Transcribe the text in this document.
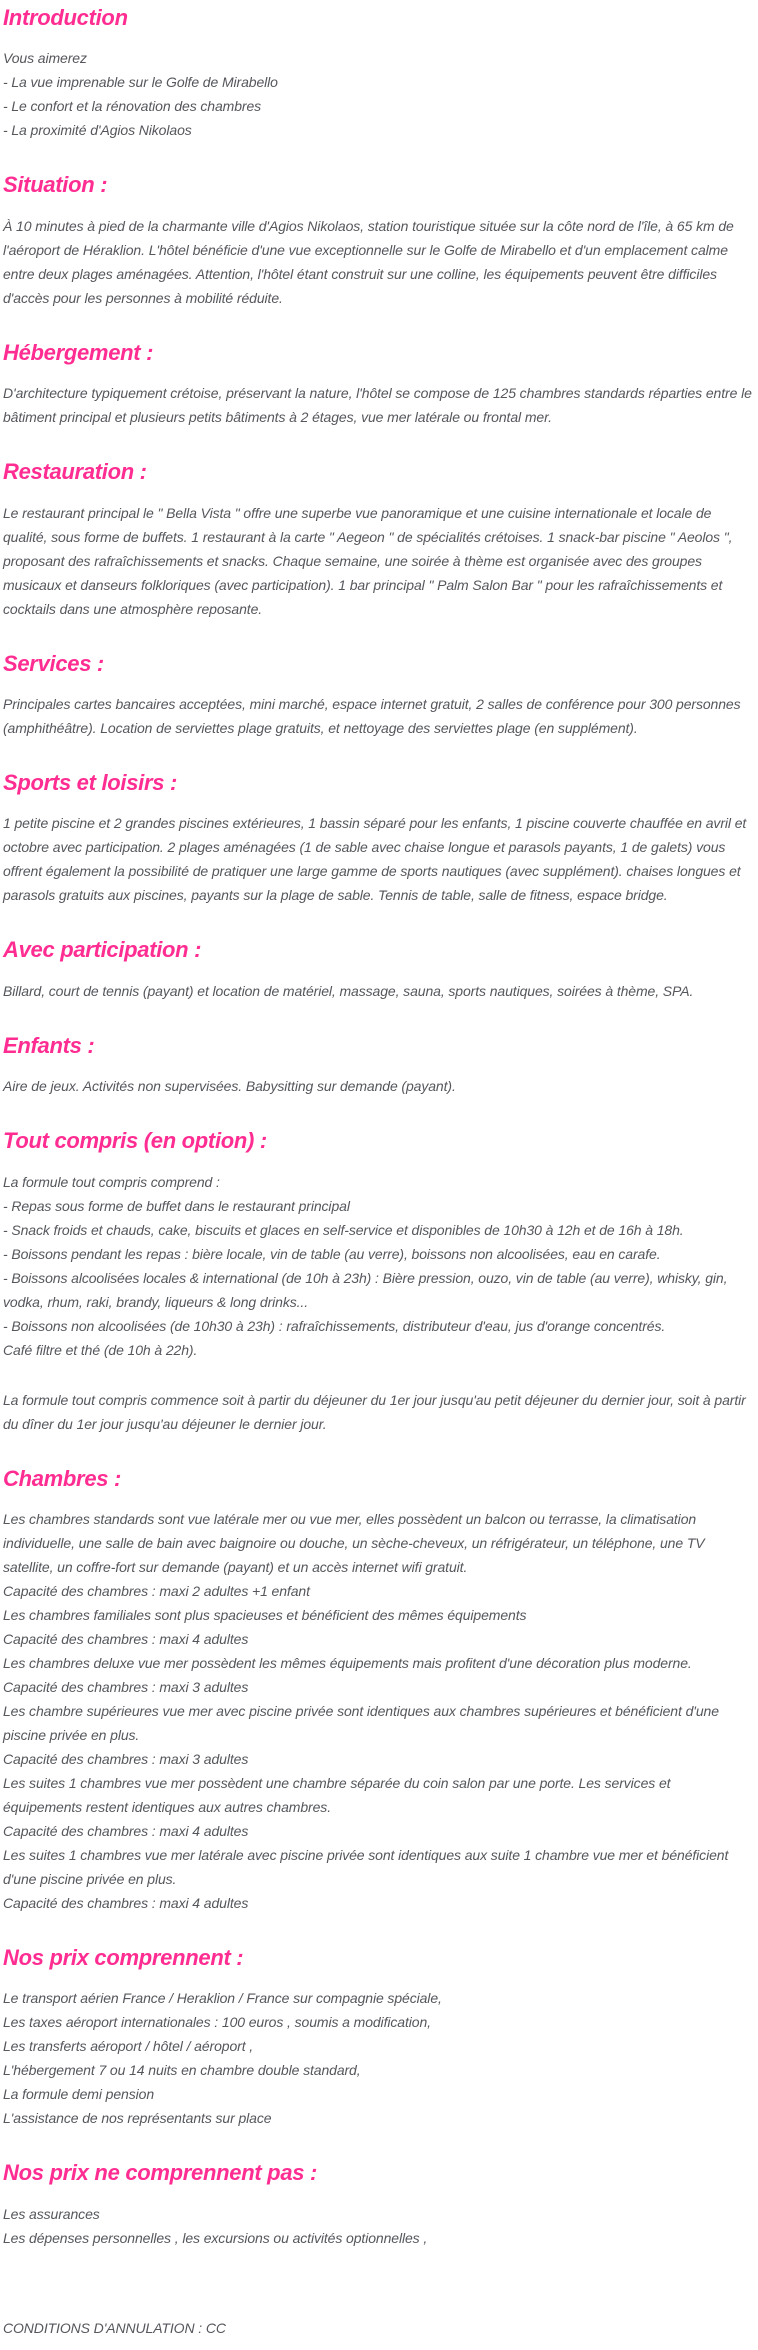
Introduction

Vous aimerez

- La vue imprenable sur le Golfe de Mirabello

- Le confort et la rénovation des chambres

- La proximité d'Agios Nikolaos

Situation :

À 10 minutes à pied de la charmante ville d'Agios Nikolaos, station touristique située sur la côte nord de l'île, à 65 km de l'aéroport de Héraklion. L'hôtel bénéficie d'une vue exceptionnelle sur le Golfe de Mirabello et d'un emplacement calme entre deux plages aménagées. Attention, l'hôtel étant construit sur une colline, les équipements peuvent être difficiles d'accès pour les personnes à mobilité réduite.

Hébergement :

D'architecture typiquement crétoise, préservant la nature, l'hôtel se compose de 125 chambres standards réparties entre le bâtiment principal et plusieurs petits bâtiments à 2 étages, vue mer latérale ou frontal mer.

Restauration :

Le restaurant principal le " Bella Vista " offre une superbe vue panoramique et une cuisine internationale et locale de qualité, sous forme de buffets. 1 restaurant à la carte " Aegeon " de spécialités crétoises. 1 snack-bar piscine " Aeolos ", proposant des rafraîchissements et snacks. Chaque semaine, une soirée à thème est organisée avec des groupes musicaux et danseurs folkloriques (avec participation). 1 bar principal " Palm Salon Bar " pour les rafraîchissements et cocktails dans une atmosphère reposante.

Services :

Principales cartes bancaires acceptées, mini marché, espace internet gratuit, 2 salles de conférence pour 300 personnes (amphithéâtre). Location de serviettes plage gratuits, et nettoyage des serviettes plage (en supplément).

Sports et loisirs :

1 petite piscine et 2 grandes piscines extérieures, 1 bassin séparé pour les enfants, 1 piscine couverte chauffée en avril et octobre avec participation. 2 plages aménagées (1 de sable avec chaise longue et parasols payants, 1 de galets) vous offrent également la possibilité de pratiquer une large gamme de sports nautiques (avec supplément). chaises longues et parasols gratuits aux piscines, payants sur la plage de sable. Tennis de table, salle de fitness, espace bridge.

Avec participation :

Billard, court de tennis (payant) et location de matériel, massage, sauna, sports nautiques, soirées à thème, SPA.

Enfants :

Aire de jeux. Activités non supervisées. Babysitting sur demande (payant).

Tout compris (en option) :

La formule tout compris comprend :

- Repas sous forme de buffet dans le restaurant principal

- Snack froids et chauds, cake, biscuits et glaces en self-service et disponibles de 10h30 à 12h et de 16h à 18h.

- Boissons pendant les repas : bière locale, vin de table (au verre), boissons non alcoolisées, eau en carafe.

- Boissons alcoolisées locales & international (de 10h à 23h) : Bière pression, ouzo, vin de table (au verre), whisky, gin, vodka, rhum, raki, brandy, liqueurs & long drinks...

- Boissons non alcoolisées (de 10h30 à 23h) : rafraîchissements, distributeur d'eau, jus d'orange concentrés.

Café filtre et thé (de 10h à 22h).

La formule tout compris commence soit à partir du déjeuner du 1er jour jusqu'au petit déjeuner du dernier jour, soit à partir du dîner du 1er jour jusqu'au déjeuner le dernier jour.

Chambres :

Les chambres standards sont vue latérale mer ou vue mer, elles possèdent un balcon ou terrasse, la climatisation individuelle, une salle de bain avec baignoire ou douche, un sèche-cheveux, un réfrigérateur, un téléphone, une TV satellite, un coffre-fort sur demande (payant) et un accès internet wifi gratuit.

Capacité des chambres : maxi 2 adultes +1 enfant

Les chambres familiales sont plus spacieuses et bénéficient des mêmes équipements

Capacité des chambres : maxi 4 adultes

Les chambres deluxe vue mer possèdent les mêmes équipements mais profitent d'une décoration plus moderne.

Capacité des chambres : maxi 3 adultes

Les chambre supérieures vue mer avec piscine privée sont identiques aux chambres supérieures et bénéficient d'une piscine privée en plus.

Capacité des chambres : maxi 3 adultes

Les suites 1 chambres vue mer possèdent une chambre séparée du coin salon par une porte. Les services et équipements restent identiques aux autres chambres.

Capacité des chambres : maxi 4 adultes

Les suites 1 chambres vue mer latérale avec piscine privée sont identiques aux suite 1 chambre vue mer et bénéficient d'une piscine privée en plus.

Capacité des chambres : maxi 4 adultes

Nos prix comprennent :

Le transport aérien France / Heraklion / France sur compagnie spéciale,

Les taxes aéroport internationales : 100 euros , soumis a modification,

Les transferts aéroport / hôtel / aéroport ,

L'hébergement 7 ou 14 nuits en chambre double standard,

La formule demi pension

L'assistance de nos représentants sur place

Nos prix ne comprennent pas :

Les assurances

Les dépenses personnelles , les excursions ou activités optionnelles ,

CONDITIONS D'ANNULATION : CC
